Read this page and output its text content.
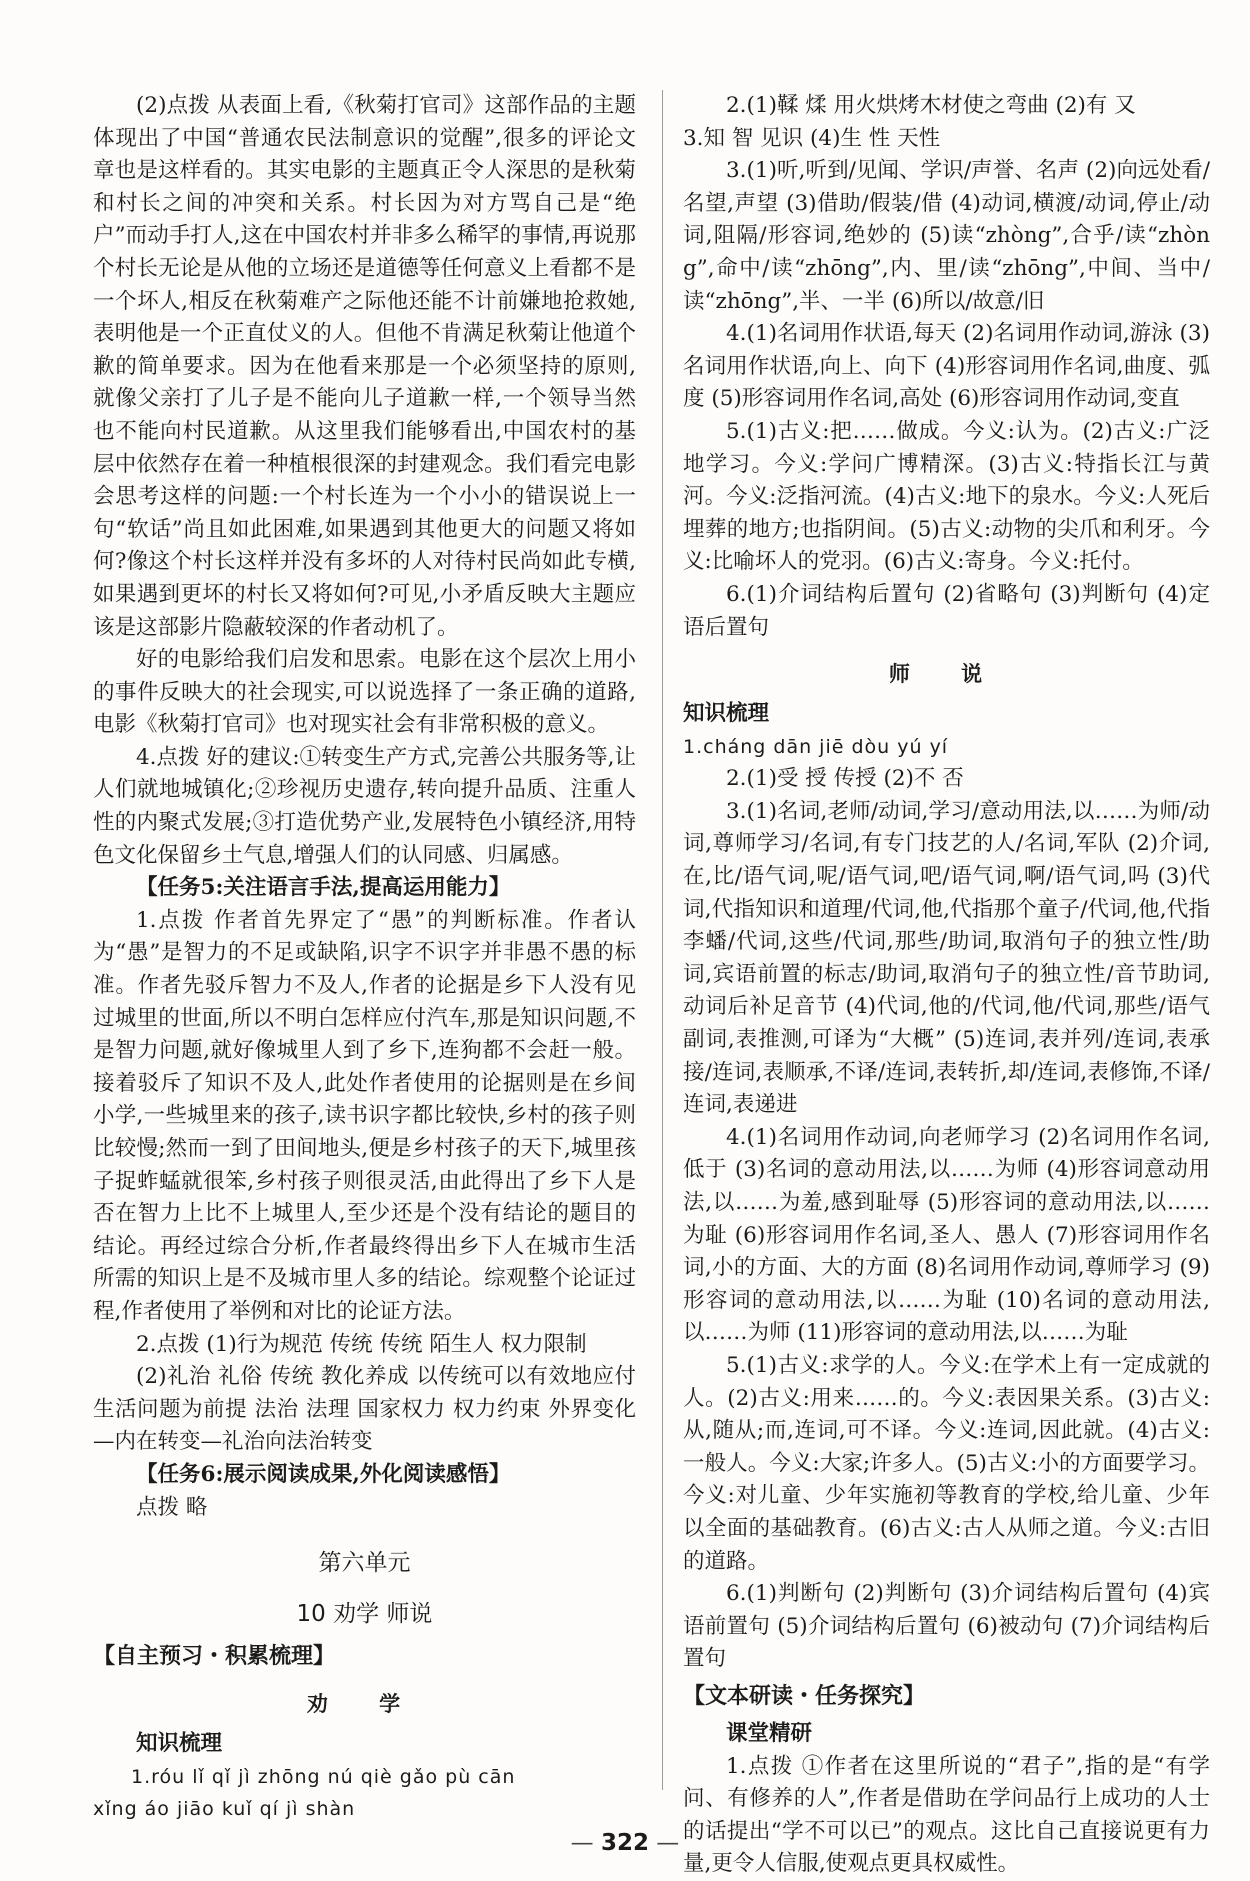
(2)点拨 从表面上看,《秋菊打官司》这部作品的主题体现出了中国“普通农民法制意识的觉醒”,很多的评论文章也是这样看的。其实电影的主题真正令人深思的是秋菊和村长之间的冲突和关系。村长因为对方骂自己是“绝户”而动手打人,这在中国农村并非多么稀罕的事情,再说那个村长无论是从他的立场还是道德等任何意义上看都不是一个坏人,相反在秋菊难产之际他还能不计前嫌地抢救她,表明他是一个正直仗义的人。但他不肯满足秋菊让他道个歉的简单要求。因为在他看来那是一个必须坚持的原则,就像父亲打了儿子是不能向儿子道歉一样,一个领导当然也不能向村民道歉。从这里我们能够看出,中国农村的基层中依然存在着一种植根很深的封建观念。我们看完电影会思考这样的问题:一个村长连为一个小小的错误说上一句“软话”尚且如此困难,如果遇到其他更大的问题又将如何?像这个村长这样并没有多坏的人对待村民尚如此专横,如果遇到更坏的村长又将如何?可见,小矛盾反映大主题应该是这部影片隐蔽较深的作者动机了。

好的电影给我们启发和思索。电影在这个层次上用小的事件反映大的社会现实,可以说选择了一条正确的道路,电影《秋菊打官司》也对现实社会有非常积极的意义。

4.点拨 好的建议:①转变生产方式,完善公共服务等,让人们就地城镇化;②珍视历史遗存,转向提升品质、注重人性的内聚式发展;③打造优势产业,发展特色小镇经济,用特色文化保留乡土气息,增强人们的认同感、归属感。

【任务5:关注语言手法,提高运用能力】

1.点拨 作者首先界定了“愚”的判断标准。作者认为“愚”是智力的不足或缺陷,识字不识字并非愚不愚的标准。作者先驳斥智力不及人,作者的论据是乡下人没有见过城里的世面,所以不明白怎样应付汽车,那是知识问题,不是智力问题,就好像城里人到了乡下,连狗都不会赶一般。接着驳斥了知识不及人,此处作者使用的论据则是在乡间小学,一些城里来的孩子,读书识字都比较快,乡村的孩子则比较慢;然而一到了田间地头,便是乡村孩子的天下,城里孩子捉蚱蜢就很笨,乡村孩子则很灵活,由此得出了乡下人是否在智力上比不上城里人,至少还是个没有结论的题目的结论。再经过综合分析,作者最终得出乡下人在城市生活所需的知识上是不及城市里人多的结论。综观整个论证过程,作者使用了举例和对比的论证方法。

2.点拨 (1)行为规范 传统 传统 陌生人 权力限制

(2)礼治 礼俗 传统 教化养成 以传统可以有效地应付生活问题为前提 法治 法理 国家权力 权力约束 外界变化—内在转变—礼治向法治转变

【任务6:展示阅读成果,外化阅读感悟】

点拨 略

第六单元
10 劝学 师说
【自主预习・积累梳理】
劝 学

知识梳理

1.róu lǐ qǐ jì zhōng nú qiè gǎo pù cān

xǐng áo jiāo kuǐ qí jì shàn

2.(1)鞣 煣 用火烘烤木材使之弯曲 (2)有 又

3.知 智 见识 (4)生 性 天性

3.(1)听,听到/见闻、学识/声誉、名声 (2)向远处看/名望,声望 (3)借助/假装/借 (4)动词,横渡/动词,停止/动词,阻隔/形容词,绝妙的 (5)读“zhòng”,合乎/读“zhòng”,命中/读“zhōng”,内、里/读“zhōng”,中间、当中/读“zhōng”,半、一半 (6)所以/故意/旧

4.(1)名词用作状语,每天 (2)名词用作动词,游泳 (3)名词用作状语,向上、向下 (4)形容词用作名词,曲度、弧度 (5)形容词用作名词,高处 (6)形容词用作动词,变直

5.(1)古义:把……做成。今义:认为。(2)古义:广泛地学习。今义:学问广博精深。(3)古义:特指长江与黄河。今义:泛指河流。(4)古义:地下的泉水。今义:人死后埋葬的地方;也指阴间。(5)古义:动物的尖爪和利牙。今义:比喻坏人的党羽。(6)古义:寄身。今义:托付。

6.(1)介词结构后置句 (2)省略句 (3)判断句 (4)定语后置句

师 说

知识梳理

1.cháng dān jiē dòu yú yí

2.(1)受 授 传授 (2)不 否

3.(1)名词,老师/动词,学习/意动用法,以……为师/动词,尊师学习/名词,有专门技艺的人/名词,军队 (2)介词,在,比/语气词,呢/语气词,吧/语气词,啊/语气词,吗 (3)代词,代指知识和道理/代词,他,代指那个童子/代词,他,代指李蟠/代词,这些/代词,那些/助词,取消句子的独立性/助词,宾语前置的标志/助词,取消句子的独立性/音节助词,动词后补足音节 (4)代词,他的/代词,他/代词,那些/语气副词,表推测,可译为“大概” (5)连词,表并列/连词,表承接/连词,表顺承,不译/连词,表转折,却/连词,表修饰,不译/连词,表递进

4.(1)名词用作动词,向老师学习 (2)名词用作名词,低于 (3)名词的意动用法,以……为师 (4)形容词意动用法,以……为羞,感到耻辱 (5)形容词的意动用法,以……为耻 (6)形容词用作名词,圣人、愚人 (7)形容词用作名词,小的方面、大的方面 (8)名词用作动词,尊师学习 (9)形容词的意动用法,以……为耻 (10)名词的意动用法,以……为师 (11)形容词的意动用法,以……为耻

5.(1)古义:求学的人。今义:在学术上有一定成就的人。(2)古义:用来……的。今义:表因果关系。(3)古义:从,随从;而,连词,可不译。今义:连词,因此就。(4)古义:一般人。今义:大家;许多人。(5)古义:小的方面要学习。今义:对儿童、少年实施初等教育的学校,给儿童、少年以全面的基础教育。(6)古义:古人从师之道。今义:古旧的道路。

6.(1)判断句 (2)判断句 (3)介词结构后置句 (4)宾语前置句 (5)介词结构后置句 (6)被动句 (7)介词结构后置句

【文本研读・任务探究】

课堂精研

1.点拨 ①作者在这里所说的“君子”,指的是“有学问、有修养的人”,作者是借助在学问品行上成功的人士的话提出“学不可以已”的观点。这比自己直接说更有力量,更令人信服,使观点更具权威性。

— 322 —
